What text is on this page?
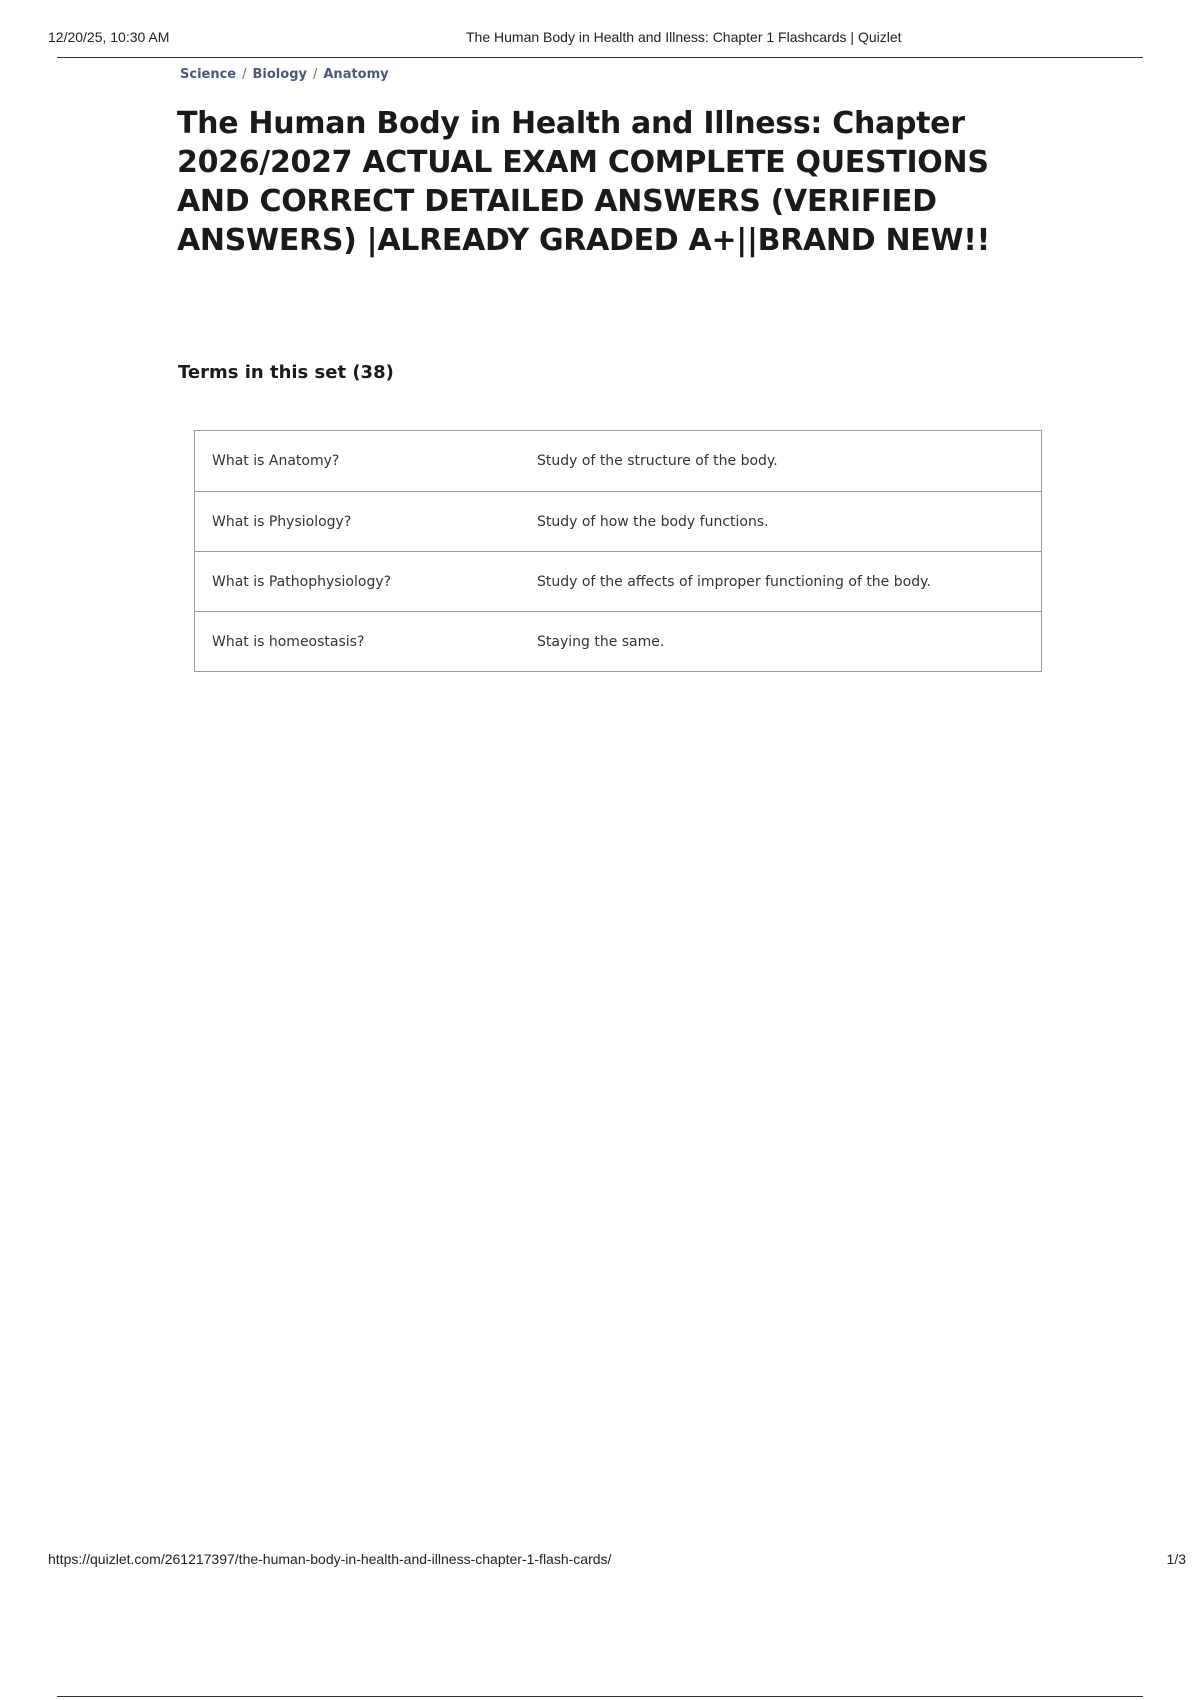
12/20/25, 10:30 AM	The Human Body in Health and Illness: Chapter 1 Flashcards | Quizlet
Science / Biology / Anatomy
The Human Body in Health and Illness: Chapter 2026/2027 ACTUAL EXAM COMPLETE QUESTIONS AND CORRECT DETAILED ANSWERS (VERIFIED ANSWERS) |ALREADY GRADED A+||BRAND NEW!!
Terms in this set (38)
What is Anatomy?	Study of the structure of the body.
What is Physiology?	Study of how the body functions.
What is Pathophysiology?	Study of the affects of improper functioning of the body.
What is homeostasis?	Staying the same.
https://quizlet.com/261217397/the-human-body-in-health-and-illness-chapter-1-flash-cards/	1/3
